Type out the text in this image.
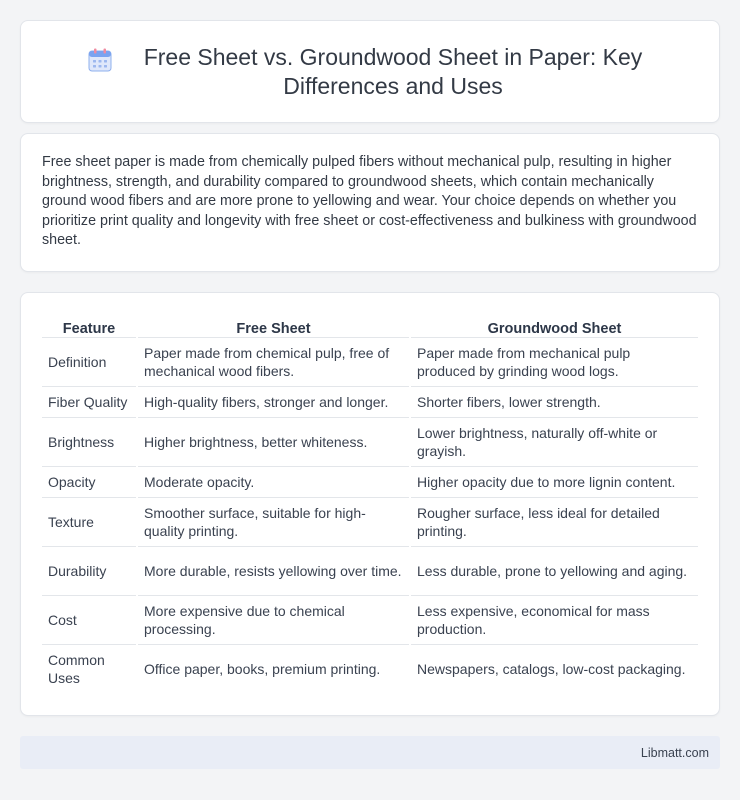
Free Sheet vs. Groundwood Sheet in Paper: Key Differences and Uses

Free sheet paper is made from chemically pulped fibers without mechanical pulp, resulting in higher brightness, strength, and durability compared to groundwood sheets, which contain mechanically ground wood fibers and are more prone to yellowing and wear. Your choice depends on whether you prioritize print quality and longevity with free sheet or cost-effectiveness and bulkiness with groundwood sheet.

Feature	Free Sheet	Groundwood Sheet
Definition	Paper made from chemical pulp, free of mechanical wood fibers.	Paper made from mechanical pulp produced by grinding wood logs.
Fiber Quality	High-quality fibers, stronger and longer.	Shorter fibers, lower strength.
Brightness	Higher brightness, better whiteness.	Lower brightness, naturally off-white or grayish.
Opacity	Moderate opacity.	Higher opacity due to more lignin content.
Texture	Smoother surface, suitable for high-quality printing.	Rougher surface, less ideal for detailed printing.
Durability	More durable, resists yellowing over time.	Less durable, prone to yellowing and aging.
Cost	More expensive due to chemical processing.	Less expensive, economical for mass production.
Common Uses	Office paper, books, premium printing.	Newspapers, catalogs, low-cost packaging.
Libmatt.com
